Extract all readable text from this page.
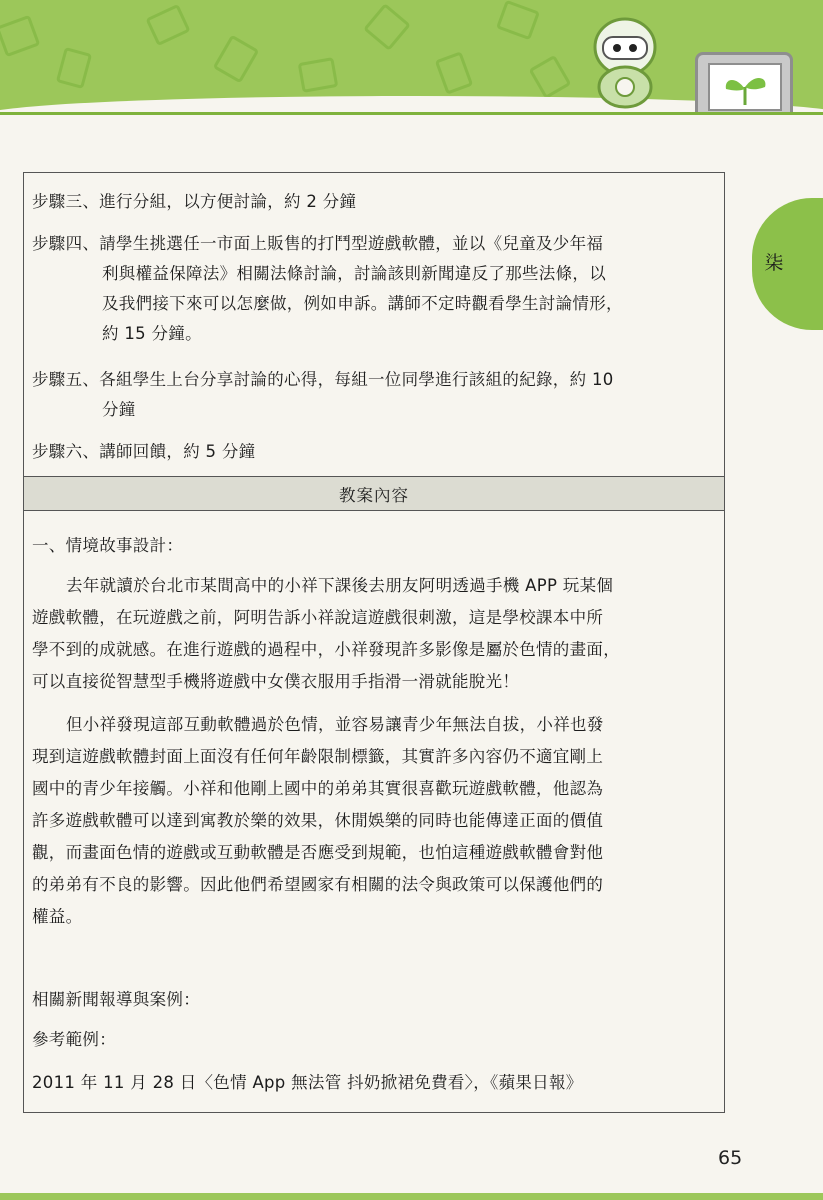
柒
步驟三、進行分組，以方便討論，約 2 分鐘
步驟四、請學生挑選任一市面上販售的打鬥型遊戲軟體，並以《兒童及少年福
利與權益保障法》相關法條討論，討論該則新聞違反了那些法條，以
及我們接下來可以怎麼做，例如申訴。講師不定時觀看學生討論情形，
約 15 分鐘。
步驟五、各組學生上台分享討論的心得，每組一位同學進行該組的紀錄，約 10
分鐘
步驟六、講師回饋，約 5 分鐘
教案內容
一、情境故事設計：
去年就讀於台北市某間高中的小祥下課後去朋友阿明透過手機 APP 玩某個
遊戲軟體，在玩遊戲之前，阿明告訴小祥說這遊戲很刺激，這是學校課本中所
學不到的成就感。在進行遊戲的過程中，小祥發現許多影像是屬於色情的畫面，
可以直接從智慧型手機將遊戲中女僕衣服用手指滑一滑就能脫光！
但小祥發現這部互動軟體過於色情，並容易讓青少年無法自拔，小祥也發
現到這遊戲軟體封面上面沒有任何年齡限制標籤，其實許多內容仍不適宜剛上
國中的青少年接觸。小祥和他剛上國中的弟弟其實很喜歡玩遊戲軟體，他認為
許多遊戲軟體可以達到寓教於樂的效果，休閒娛樂的同時也能傳達正面的價值
觀，而畫面色情的遊戲或互動軟體是否應受到規範，也怕這種遊戲軟體會對他
的弟弟有不良的影響。因此他們希望國家有相關的法令與政策可以保護他們的
權益。
相關新聞報導與案例：
參考範例：
2011 年 11 月 28 日〈色情 App 無法管 抖奶掀裙免費看〉，《蘋果日報》
65
